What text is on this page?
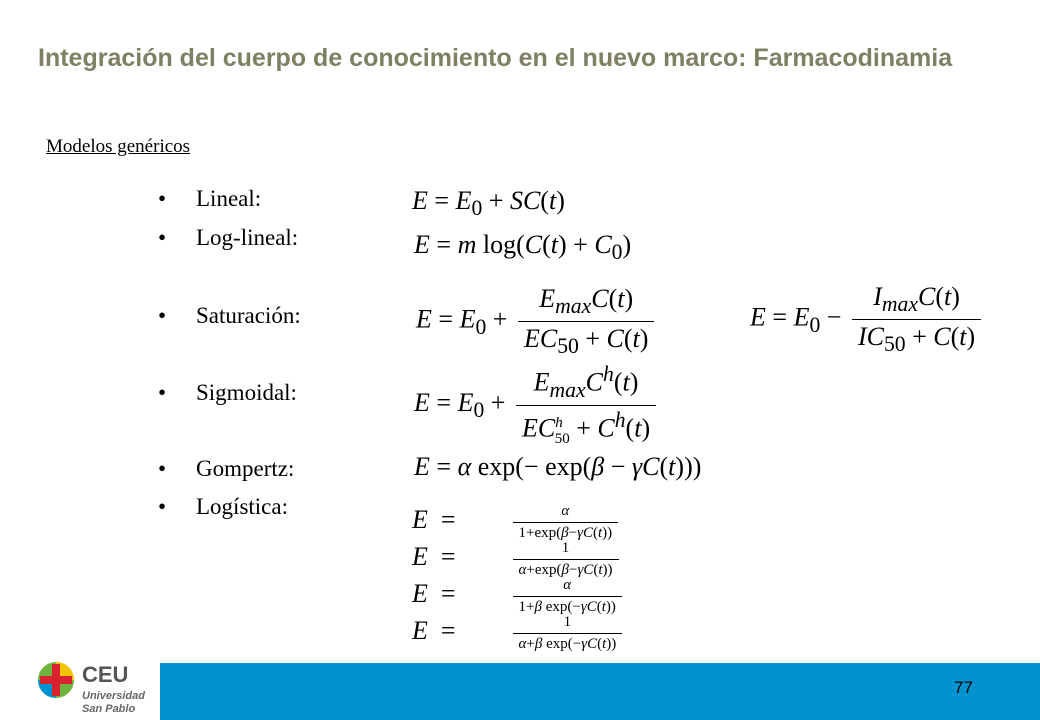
Integración del cuerpo de conocimiento en el nuevo marco: Farmacodinamia
Modelos genéricos
• Lineal:
• Log-lineal:
• Saturación:
• Sigmoidal:
• Gompertz:
• Logística:
$E = E_0 + SC(t)$
E = m $\log(C(t) + C_0)$
$E = E_0 + \frac{E_{max}C(t)}{EC_{50} + C(t)}$	$E = E_0 - \frac{I_{max}C(t)}{IC_{50} + C(t)}$
$E = E_0 + \frac{E_{max}C^h(t)}{EC^h_{50} + C^h(t)}$
E = α exp(− exp(β − γC(t)))
E  =	$\frac{\alpha}{1+\exp(\beta-\gamma C(t))}$
E  =	$\frac{1}{\alpha+\exp(\beta-\gamma C(t))}$
E  =	$\frac{\alpha}{\text{1+β exp(−γC(t))}}$
E  =	$\frac{1}{\text{α+β exp(−γC(t))}}$
77
CEU
Universidad
San Pablo
